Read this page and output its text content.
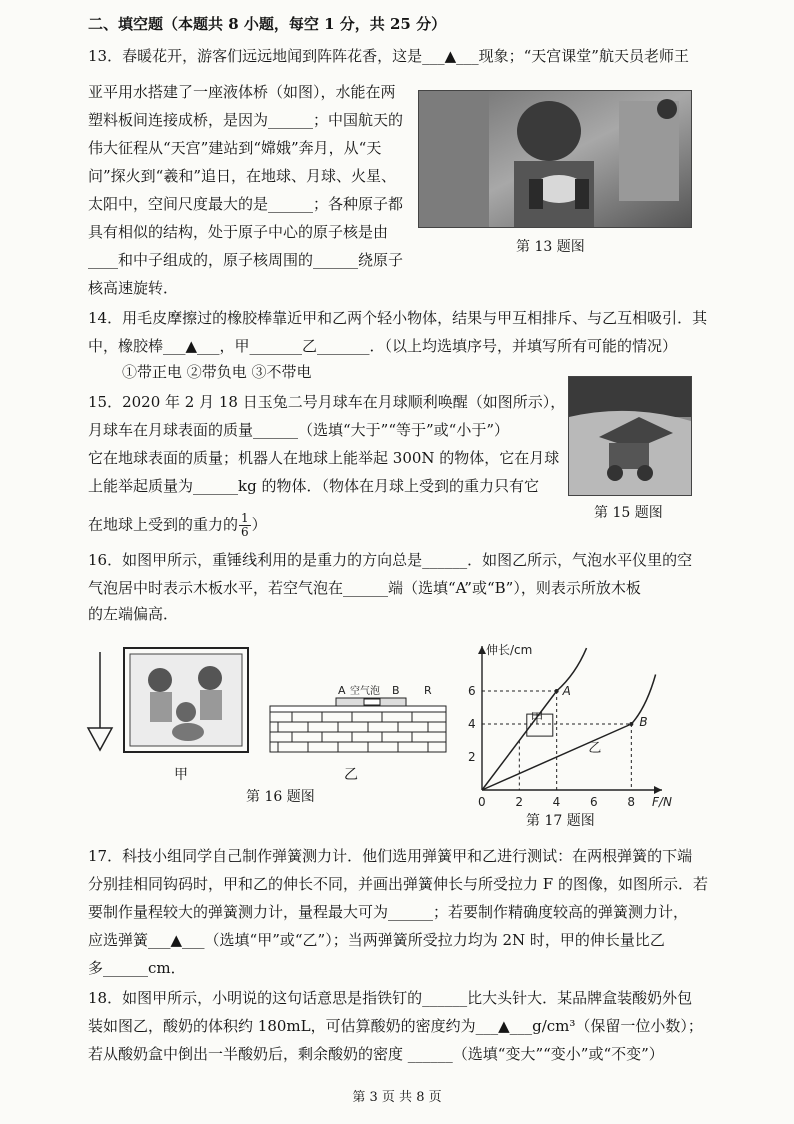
二、填空题（本题共 8 小题，每空 1 分，共 25 分）
13．春暖花开，游客们远远地闻到阵阵花香，这是___▲___现象；“天宫课堂”航天员老师王
亚平用水搭建了一座液体桥（如图），水能在两
塑料板间连接成桥，是因为______；中国航天的
伟大征程从“天宫”建站到“嫦娥”奔月，从“天
问”探火到“羲和”追日，在地球、月球、火星、
太阳中，空间尺度最大的是______；各种原子都
具有相似的结构，处于原子中心的原子核是由
____和中子组成的，原子核周围的______绕原子
核高速旋转．
第 13 题图
14．用毛皮摩擦过的橡胶棒靠近甲和乙两个轻小物体，结果与甲互相排斥、与乙互相吸引．其
中，橡胶棒___▲___，甲_______乙_______．（以上均选填序号，并填写所有可能的情况）
①带正电 ②带负电 ③不带电
15．2020 年 2 月 18 日玉兔二号月球车在月球顺利唤醒（如图所示），
月球车在月球表面的质量______（选填“大于”“等于”或“小于”）
它在地球表面的质量；机器人在地球上能举起 300N 的物体，它在月球
上能举起质量为______kg 的物体．（物体在月球上受到的重力只有它
在地球上受到的重力的 $\frac{1}{6}$ ）
第 15 题图
16．如图甲所示，重锤线利用的是重力的方向总是______．如图乙所示，气泡水平仪里的空
气泡居中时表示木板水平，若空气泡在______端（选填“A”或“B”），则表示所放木板
的左端偏高．
甲
A 空气泡 B R
乙
第 16 题图
伸长/cm
F/N
0 2 4 6 8
2
4
6	A
B
甲
乙
第 17 题图
17．科技小组同学自己制作弹簧测力计．他们选用弹簧甲和乙进行测试：在两根弹簧的下端
分别挂相同钩码时，甲和乙的伸长不同，并画出弹簧伸长与所受拉力 F 的图像，如图所示．若
要制作量程较大的弹簧测力计，量程最大可为______；若要制作精确度较高的弹簧测力计，
应选弹簧___▲___（选填“甲”或“乙”）；当两弹簧所受拉力均为 2N 时，甲的伸长量比乙
多______cm．
18．如图甲所示，小明说的这句话意思是指铁钉的______比大头针大．某品牌盒装酸奶外包
装如图乙，酸奶的体积约 180mL，可估算酸奶的密度约为___▲___g/cm³（保留一位小数）；
若从酸奶盒中倒出一半酸奶后，剩余酸奶的密度 ______（选填“变大”“变小”或“不变”）
第 3 页 共 8 页
